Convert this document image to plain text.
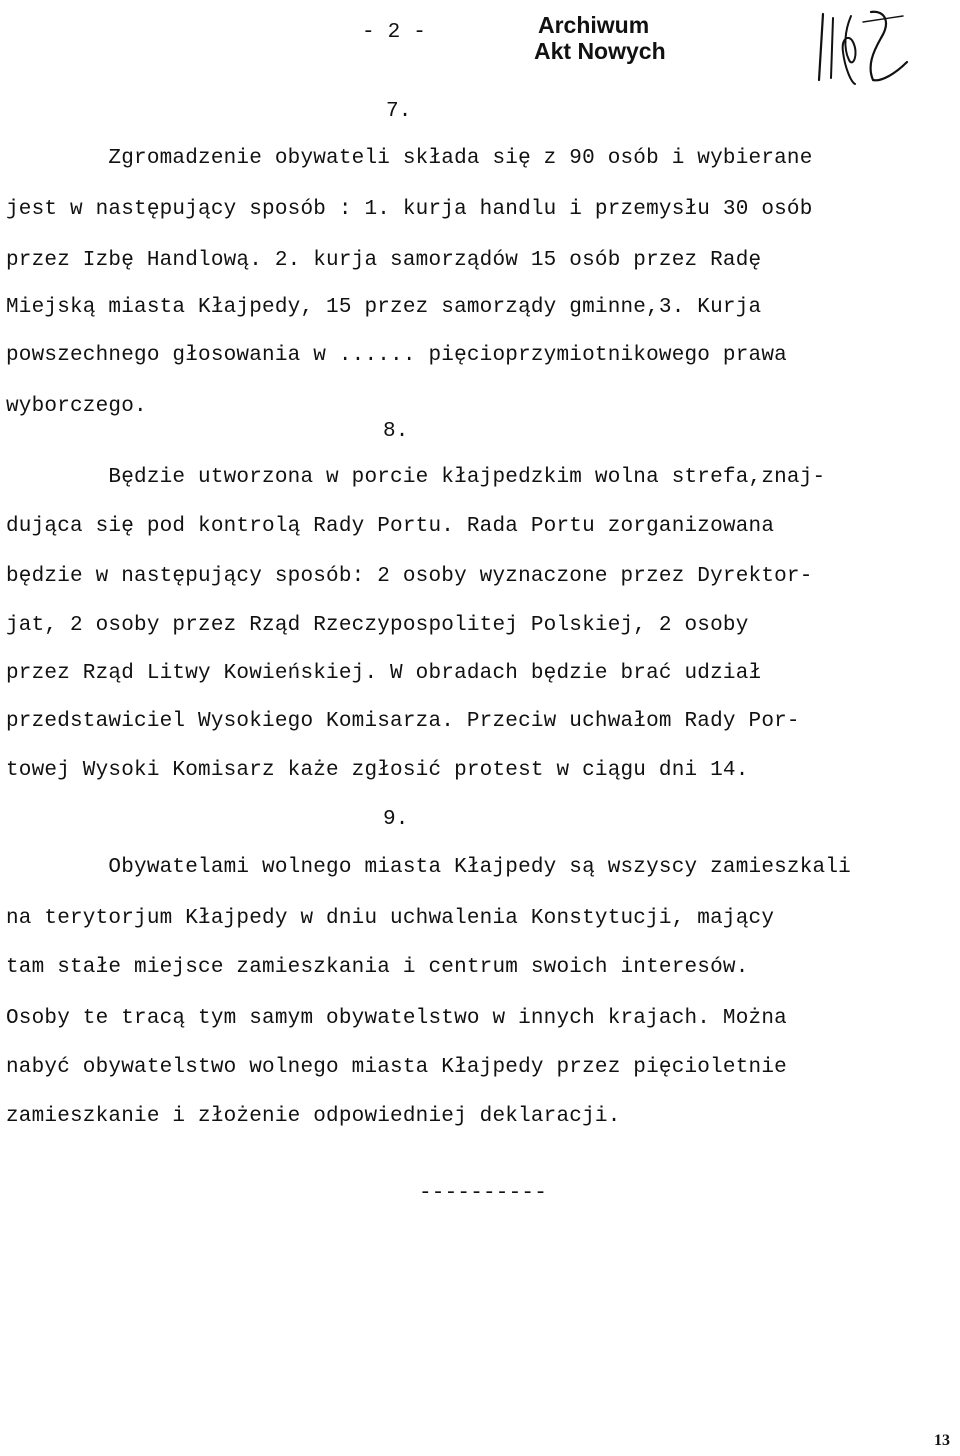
- 2 -	Archiwum
Akt Nowych
7.
8.
9.
Zgromadzenie obywateli składa się z 90 osób i wybierane
jest w następujący sposób : 1. kurja handlu i przemysłu 30 osób
przez Izbę Handlową. 2. kurja samorządów 15 osób przez Radę
Miejską miasta Kłajpedy, 15 przez samorządy gminne,3. Kurja
powszechnego głosowania w ...... pięcioprzymiotnikowego prawa
wyborczego.
Będzie utworzona w porcie kłajpedzkim wolna strefa,znaj-
dująca się pod kontrolą Rady Portu. Rada Portu zorganizowana
będzie w następujący sposób: 2 osoby wyznaczone przez Dyrektor-
jat, 2 osoby przez Rząd Rzeczypospolitej Polskiej, 2 osoby
przez Rząd Litwy Kowieńskiej. W obradach będzie brać udział
przedstawiciel Wysokiego Komisarza. Przeciw uchwałom Rady Por-
towej Wysoki Komisarz każe zgłosić protest w ciągu dni 14.
Obywatelami wolnego miasta Kłajpedy są wszyscy zamieszkali
na terytorjum Kłajpedy w dniu uchwalenia Konstytucji, mający
tam stałe miejsce zamieszkania i centrum swoich interesów.
Osoby te tracą tym samym obywatelstwo w innych krajach. Można
nabyć obywatelstwo wolnego miasta Kłajpedy przez pięcioletnie
zamieszkanie i złożenie odpowiedniej deklaracji.
----------
13
